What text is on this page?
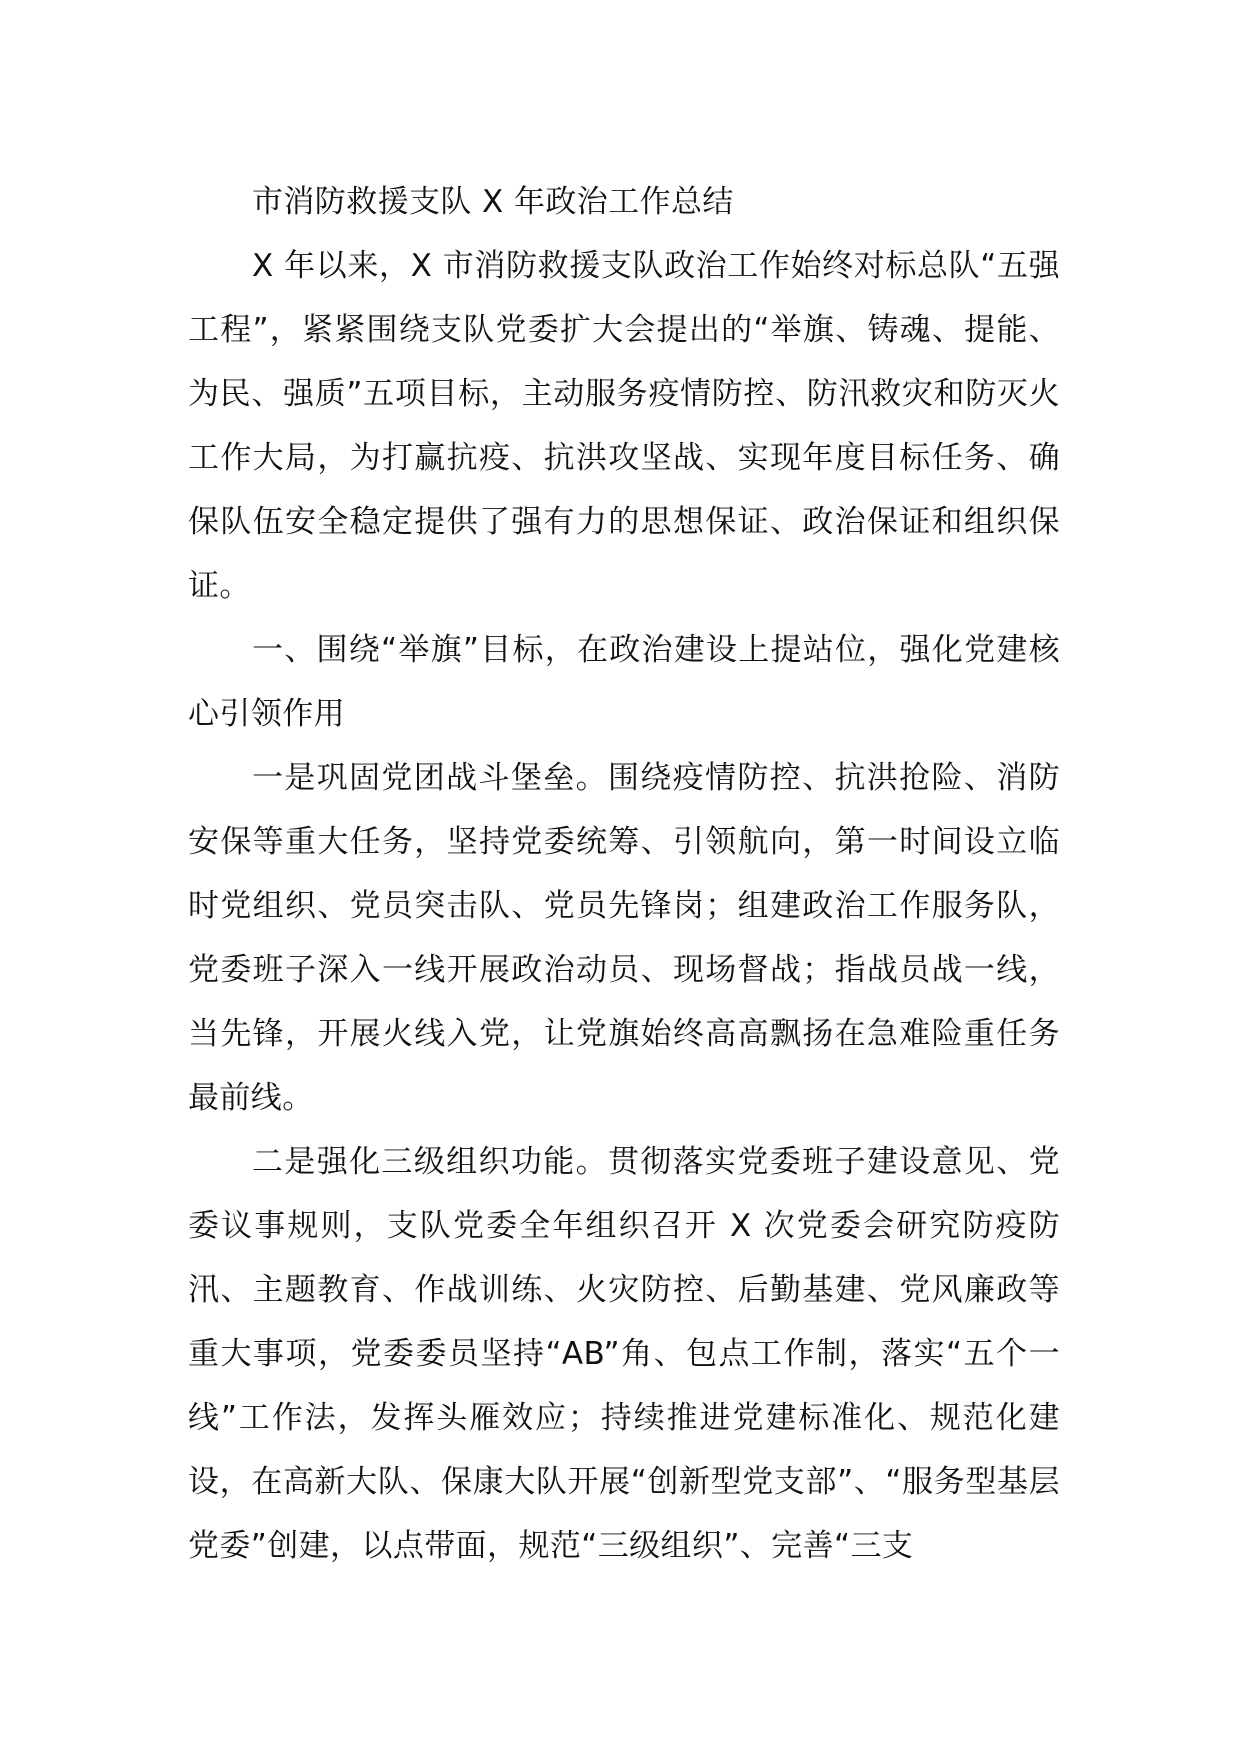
市消防救援支队 X 年政治工作总结

X 年以来，X 市消防救援支队政治工作始终对标总队“五强工程”，紧紧围绕支队党委扩大会提出的“举旗、铸魂、提能、为民、强质”五项目标，主动服务疫情防控、防汛救灾和防灭火工作大局，为打赢抗疫、抗洪攻坚战、实现年度目标任务、确保队伍安全稳定提供了强有力的思想保证、政治保证和组织保证。

一、围绕“举旗”目标，在政治建设上提站位，强化党建核心引领作用

一是巩固党团战斗堡垒。围绕疫情防控、抗洪抢险、消防安保等重大任务，坚持党委统筹、引领航向，第一时间设立临时党组织、党员突击队、党员先锋岗；组建政治工作服务队，党委班子深入一线开展政治动员、现场督战；指战员战一线，当先锋，开展火线入党，让党旗始终高高飘扬在急难险重任务最前线。

二是强化三级组织功能。贯彻落实党委班子建设意见、党委议事规则，支队党委全年组织召开 X 次党委会研究防疫防汛、主题教育、作战训练、火灾防控、后勤基建、党风廉政等重大事项，党委委员坚持“AB”角、包点工作制，落实“五个一线”工作法，发挥头雁效应；持续推进党建标准化、规范化建设，在高新大队、保康大队开展“创新型党支部”、“服务型基层党委”创建，以点带面，规范“三级组织”、完善“三支
